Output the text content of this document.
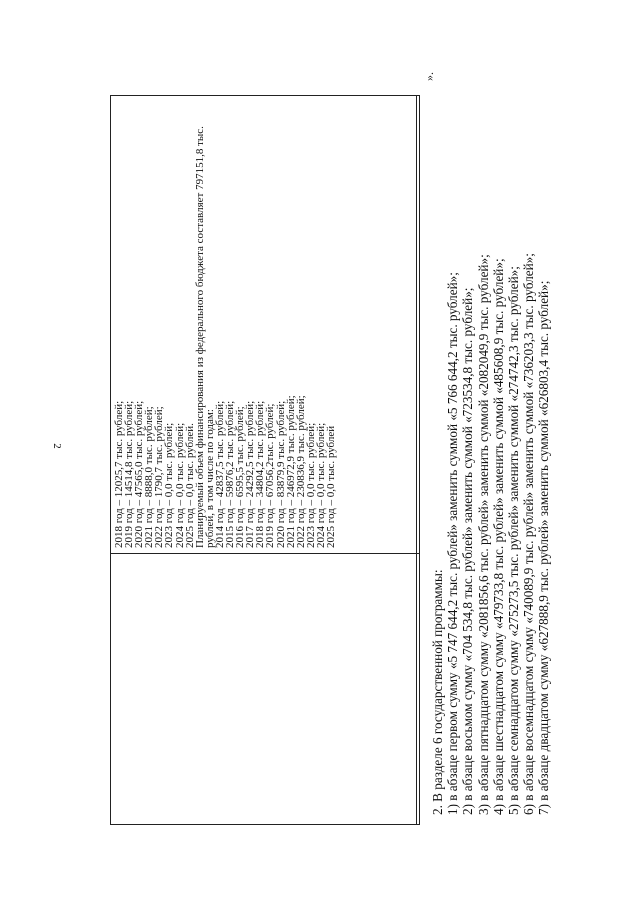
2	2018 год – 12025,7 тыс. рублей;
2019 год – 14514,8 тыс. рублей;
2020 год – 47565,0 тыс. рублей;
2021 год – 8888,0 тыс. рублей;
2022 год – 1790,7 тыс. рублей;
2023 год – 0,0 тыс. рублей;
2024 год – 0,0 тыс. рублей;
2025 год – 0,0 тыс. рублей.
Планируемый объем финансирования из федерального бюджета составляет 797151,8 тыс. рублей, в том числе по годам:
2014 год – 42837,5 тыс. рублей;
2015 год – 59876,2 тыс. рублей;
2016 год – 6595,5 тыс. рублей;
2017 год – 24292,5 тыс. рублей;
2018 год – 34804,2 тыс. рублей;
2019 год – 67056,2тыс. рублей;
2020 год – 83879,9 тыс. рублей;
2021 год – 246972,9 тыс. рублей;
2022 год – 230836,9 тыс. рублей;
2023 год – 0,0 тыс. рублей;
2024 год – 0,0 тыс. рублей;
2025 год – 0,0 тыс. рублей
».
2. В разделе 6 государственной программы: 1) в абзаце первом сумму «5 747 644,2 тыс. рублей» заменить суммой «5 766 644,2 тыс. рублей»; 2) в абзаце восьмом сумму «704 534,8 тыс. рублей» заменить суммой «723534,8 тыс. рублей»; 3) в абзаце пятнадцатом сумму «2081856,6 тыс. рублей» заменить суммой «2082049,9 тыс. рублей»; 4) в абзаце шестнадцатом сумму «479733,8 тыс. рублей» заменить суммой «485608,9 тыс. рублей»; 5) в абзаце семнадцатом сумму «275273,5 тыс. рублей» заменить суммой «274742,3 тыс. рублей»; 6) в абзаце восемнадцатом сумму «740089,9 тыс. рублей» заменить суммой «736203,3 тыс. рублей»; 7) в абзаце двадцатом сумму «627888,9 тыс. рублей» заменить суммой «626803,4 тыс. рублей»;
